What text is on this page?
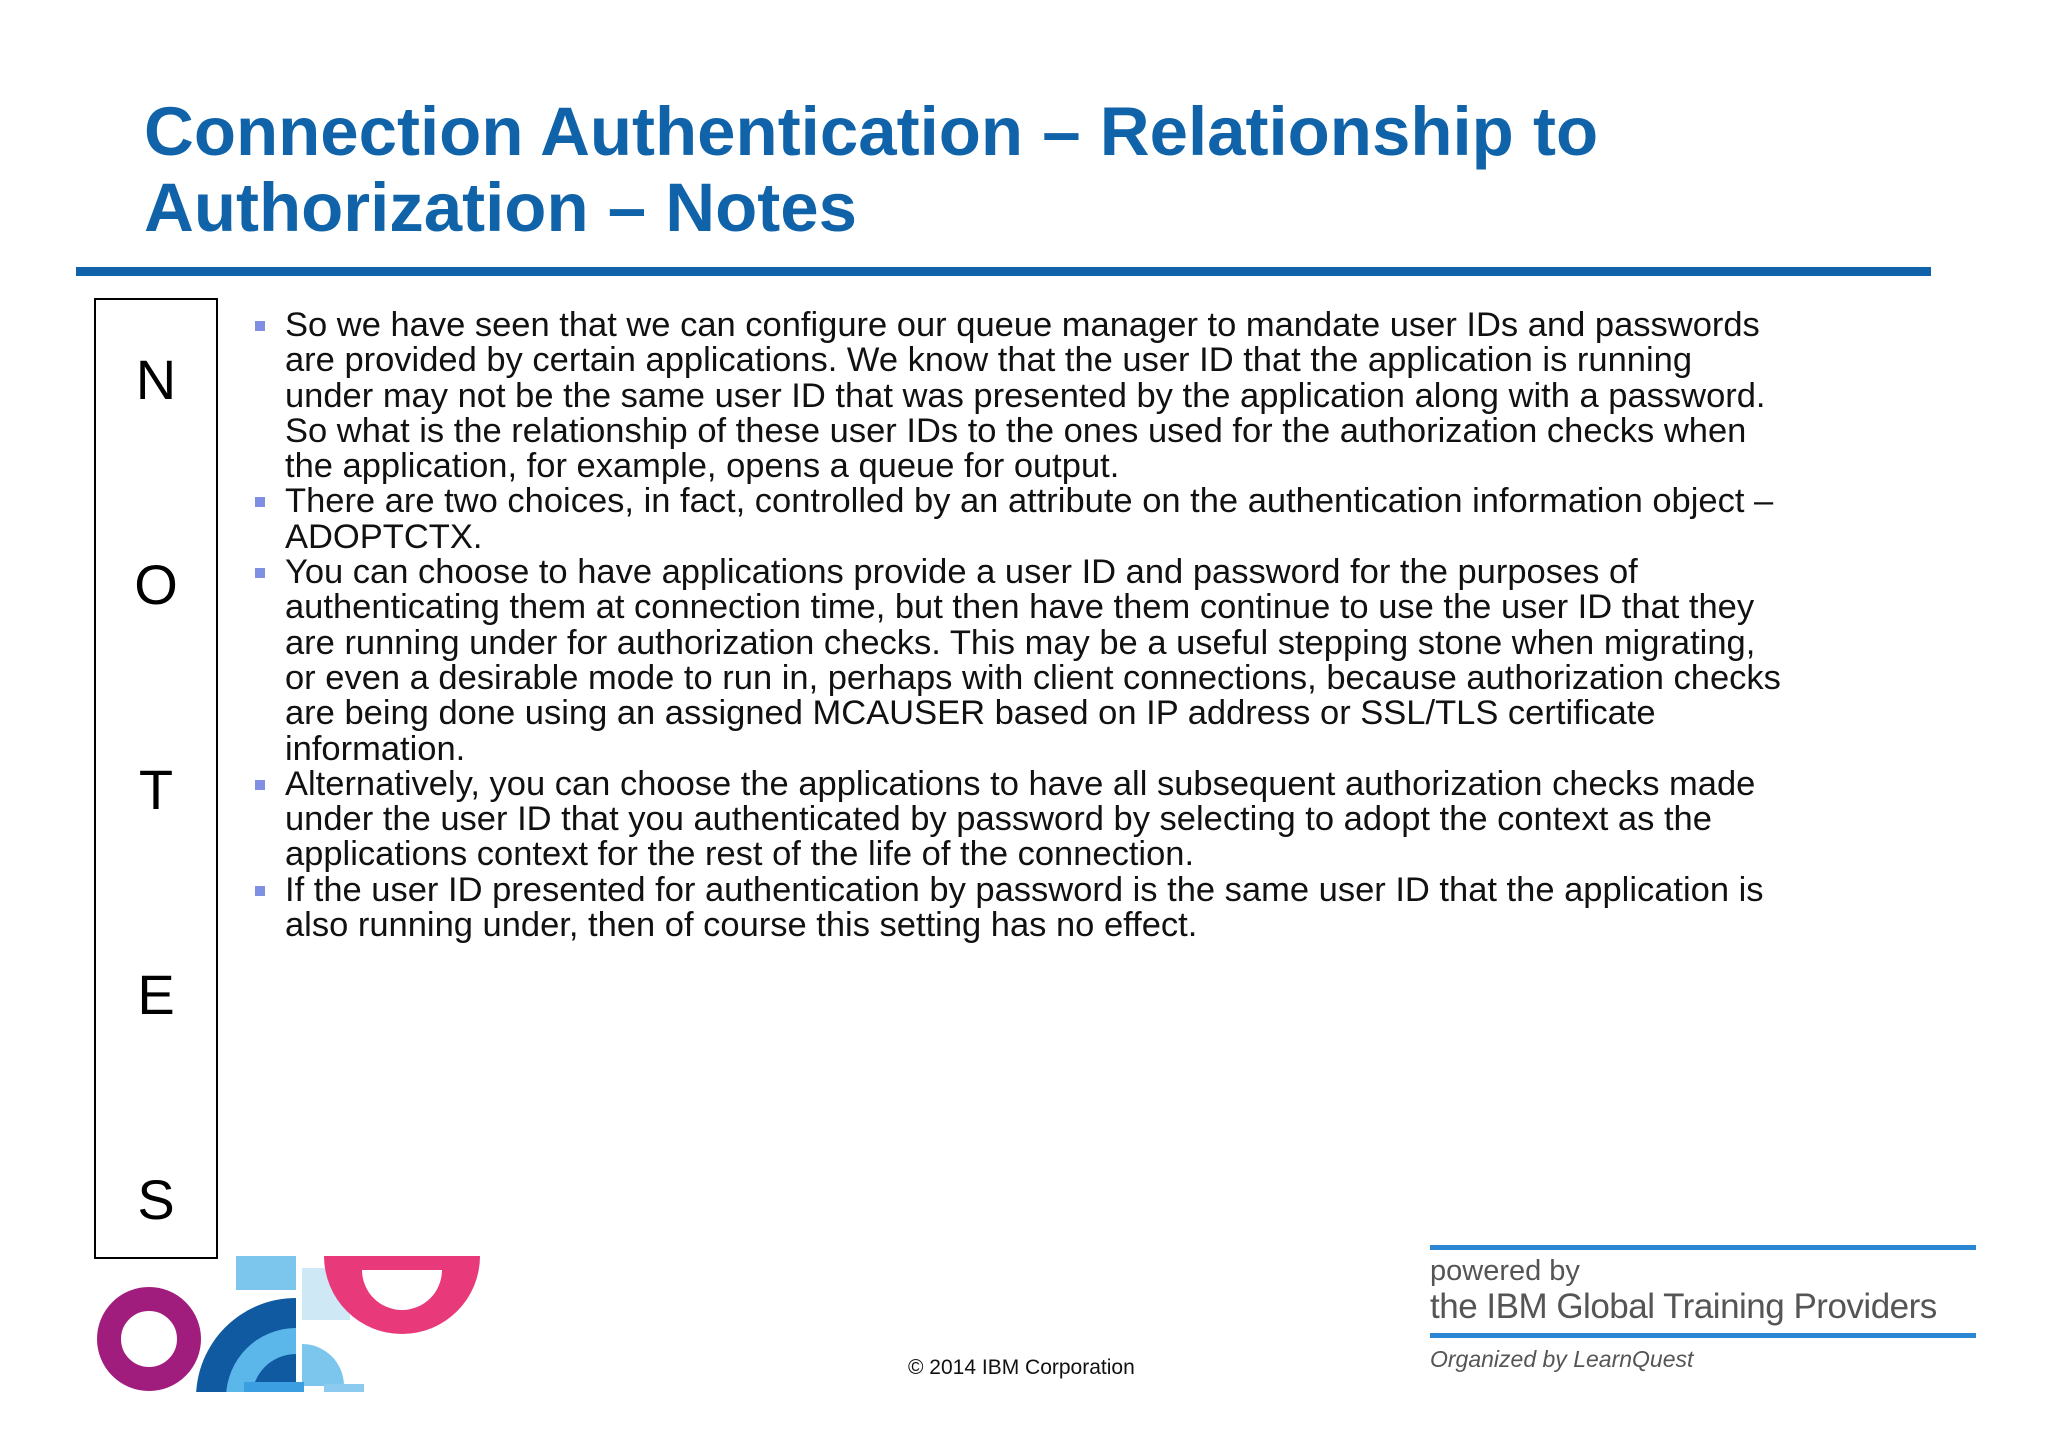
Connection Authentication – Relationship to
Authorization – Notes
N
O
T
E
S
So we have seen that we can configure our queue manager to mandate user IDs and passwords
are provided by certain applications. We know that the user ID that the application is running
under may not be the same user ID that was presented by the application along with a password.
So what is the relationship of these user IDs to the ones used for the authorization checks when
the application, for example, opens a queue for output.
There are two choices, in fact, controlled by an attribute on the authentication information object –
ADOPTCTX.
You can choose to have applications provide a user ID and password for the purposes of
authenticating them at connection time, but then have them continue to use the user ID that they
are running under for authorization checks. This may be a useful stepping stone when migrating,
or even a desirable mode to run in, perhaps with client connections, because authorization checks
are being done using an assigned MCAUSER based on IP address or SSL/TLS certificate
information.
Alternatively, you can choose the applications to have all subsequent authorization checks made
under the user ID that you authenticated by password by selecting to adopt the context as the
applications context for the rest of the life of the connection.
If the user ID presented for authentication by password is the same user ID that the application is
also running under, then of course this setting has no effect.
© 2014 IBM Corporation
powered by
the IBM Global Training Providers
Organized by LearnQuest
